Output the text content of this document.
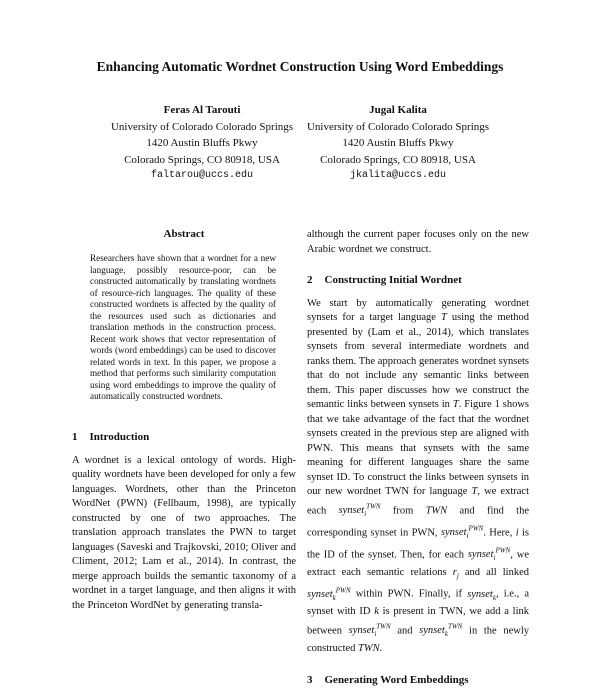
Enhancing Automatic Wordnet Construction Using Word Embeddings
Feras Al Tarouti
University of Colorado Colorado Springs
1420 Austin Bluffs Pkwy
Colorado Springs, CO 80918, USA
faltarou@uccs.edu
Jugal Kalita
University of Colorado Colorado Springs
1420 Austin Bluffs Pkwy
Colorado Springs, CO 80918, USA
jkalita@uccs.edu
Abstract

Researchers have shown that a wordnet for a new language, possibly resource-poor, can be constructed automatically by translating wordnets of resource-rich languages. The quality of these constructed wordnets is affected by the quality of the resources used such as dictionaries and translation methods in the construction process. Recent work shows that vector representation of words (word embeddings) can be used to discover related words in text. In this paper, we propose a method that performs such similarity computation using word embeddings to improve the quality of automatically constructed wordnets.

1 Introduction

A wordnet is a lexical ontology of words. High-quality wordnets have been developed for only a few languages. Wordnets, other than the Princeton WordNet (PWN) (Fellbaum, 1998), are typically constructed by one of two approaches. The translation approach translates the PWN to target languages (Saveski and Trajkovski, 2010; Oliver and Climent, 2012; Lam et al., 2014). In contrast, the merge approach builds the semantic taxonomy of a wordnet in a target language, and then aligns it with the Princeton WordNet by generating transla-

although the current paper focuses only on the new Arabic wordnet we construct.

2 Constructing Initial Wordnet

We start by automatically generating wordnet synsets for a target language T using the method presented by (Lam et al., 2014), which translates synsets from several intermediate wordnets and ranks them. The approach generates wordnet synsets that do not include any semantic links between them. This paper discusses how we construct the semantic links between synsets in T. Figure 1 shows that we take advantage of the fact that the wordnet synsets created in the previous step are aligned with PWN. This means that synsets with the same meaning for different languages share the same synset ID. To construct the links between synsets in our new wordnet TWN for language T, we extract each synset$_i^{TWN}$ from TWN and find the corresponding synset in PWN, synset$_i^{PWN}$. Here, i is the ID of the synset. Then, for each synset$_i^{PWN}$, we extract each semantic relations $r_j$ and all linked synset$_k^{PWN}$ within PWN. Finally, if synset$_k$, i.e., a synset with ID k is present in TWN, we add a link between synset$_i^{TWN}$ and synset$_k^{TWN}$ in the newly constructed TWN.

3 Generating Word Embeddings
